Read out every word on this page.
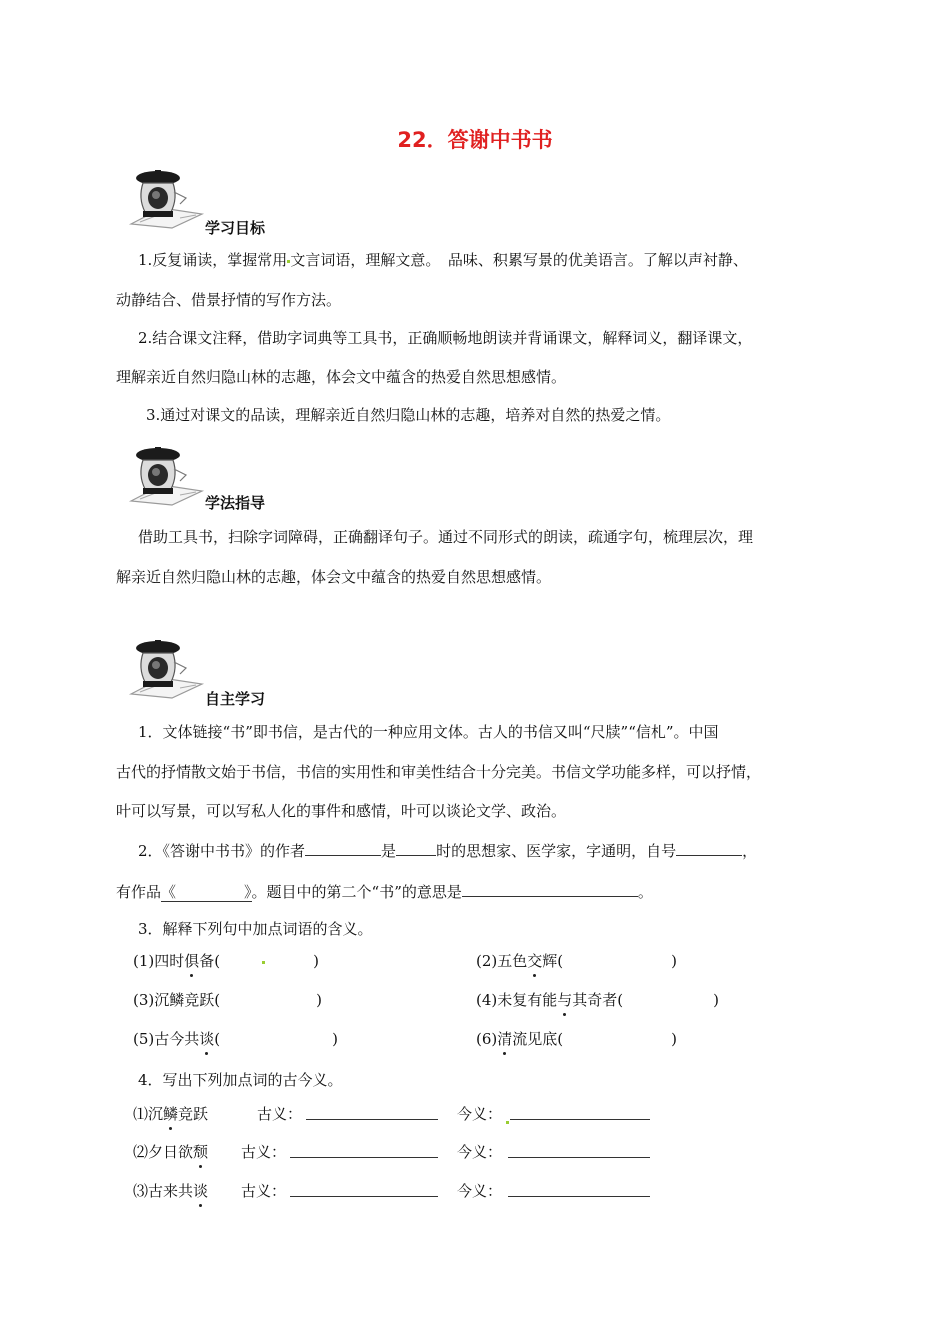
22．答谢中书书
学习目标
1.反复诵读，掌握常用 文言词语，理解文意。　品味、积累写景的优美语言。了解以声衬静、
动静结合、借景抒情的写作方法。
2.结合课文注释，借助字词典等工具书，正确顺畅地朗读并背诵课文，解释词义，翻译课文，
理解亲近自然归隐山林的志趣，体会文中蕴含的热爱自然思想感情。
3.通过对课文的品读，理解亲近自然归隐山林的志趣，培养对自然的热爱之情。
学法指导
借助工具书，扫除字词障碍，正确翻译句子。通过不同形式的朗读，疏通字句，梳理层次，理
解亲近自然归隐山林的志趣，体会文中蕴含的热爱自然思想感情。
自主学习
1．文体链接“书”即书信，是古代的一种应用文体。古人的书信又叫“尺牍”“信札”。中国
古代的抒情散文始于书信，书信的实用性和审美性结合十分完美。书信文学功能多样，可以抒情，
叶可以写景，可以写私人化的事件和感情，叶可以谈论文学、政治。
2．《答谢中书书》的作者	是	时的思想家、医学家，字通明，自号	，
有作品《	》。题目中的第二个“书”的意思是	。
3．解释下列句中加点词语的含义。
(1)四时俱备(	)	(2)五色交辉(	)
(3)沉鳞竞跃(	)	(4)未复有能与其奇者(	)
(5)古今共谈(	)	(6)清流见底(	)
4．写出下列加点词的古今义。
⑴沉鳞竞跃	古义：	今义：
⑵夕日欲颓 古义：	今义：
⑶古来共谈 古义：	今义：
